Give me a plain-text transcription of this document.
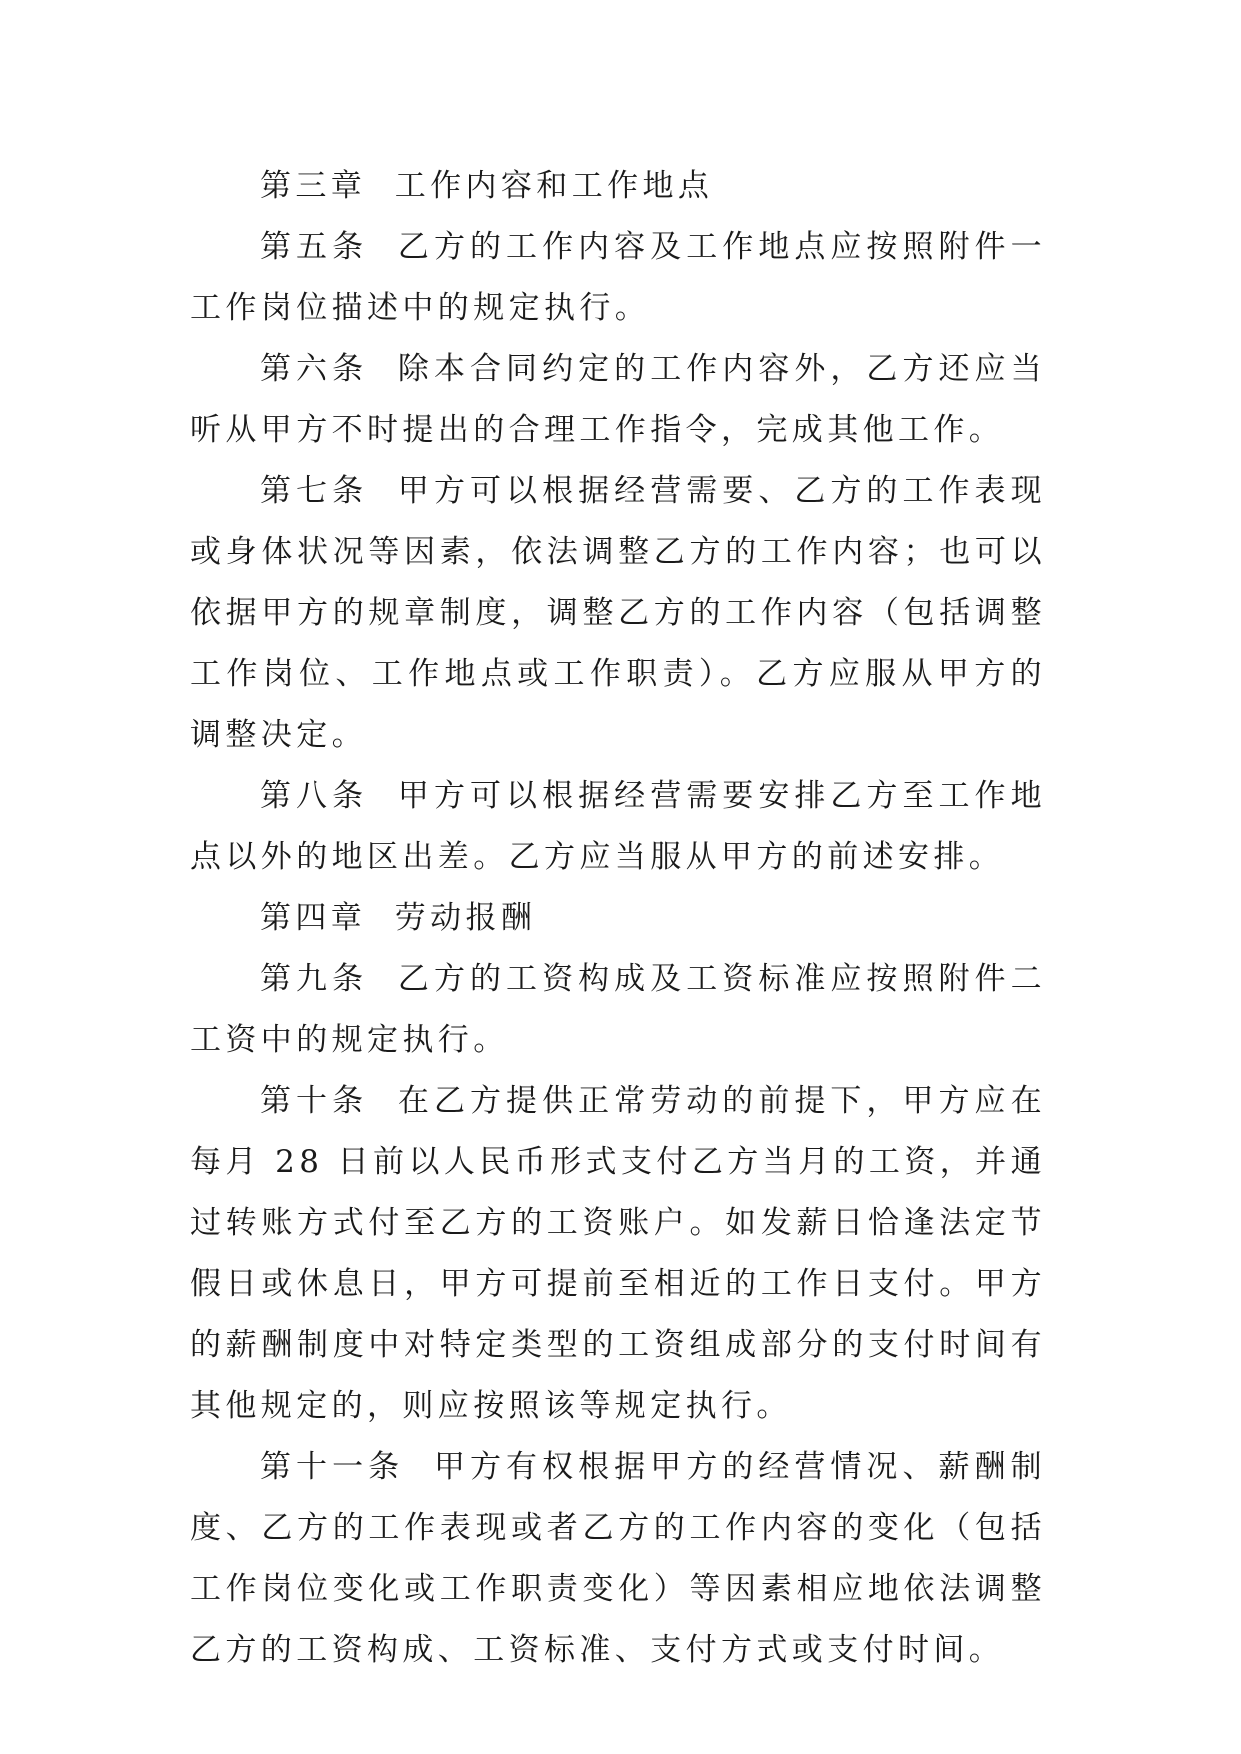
第三章  工作内容和工作地点

第五条  乙方的工作内容及工作地点应按照附件一工作岗位描述中的规定执行。

第六条  除本合同约定的工作内容外，乙方还应当听从甲方不时提出的合理工作指令，完成其他工作。

第七条  甲方可以根据经营需要、乙方的工作表现或身体状况等因素，依法调整乙方的工作内容；也可以依据甲方的规章制度，调整乙方的工作内容（包括调整工作岗位、工作地点或工作职责）。乙方应服从甲方的调整决定。

第八条  甲方可以根据经营需要安排乙方至工作地点以外的地区出差。乙方应当服从甲方的前述安排。

第四章  劳动报酬

第九条  乙方的工资构成及工资标准应按照附件二工资中的规定执行。

第十条  在乙方提供正常劳动的前提下，甲方应在每月 28 日前以人民币形式支付乙方当月的工资，并通过转账方式付至乙方的工资账户。如发薪日恰逢法定节假日或休息日，甲方可提前至相近的工作日支付。甲方的薪酬制度中对特定类型的工资组成部分的支付时间有其他规定的，则应按照该等规定执行。

第十一条  甲方有权根据甲方的经营情况、薪酬制度、乙方的工作表现或者乙方的工作内容的变化（包括工作岗位变化或工作职责变化）等因素相应地依法调整乙方的工资构成、工资标准、支付方式或支付时间。
